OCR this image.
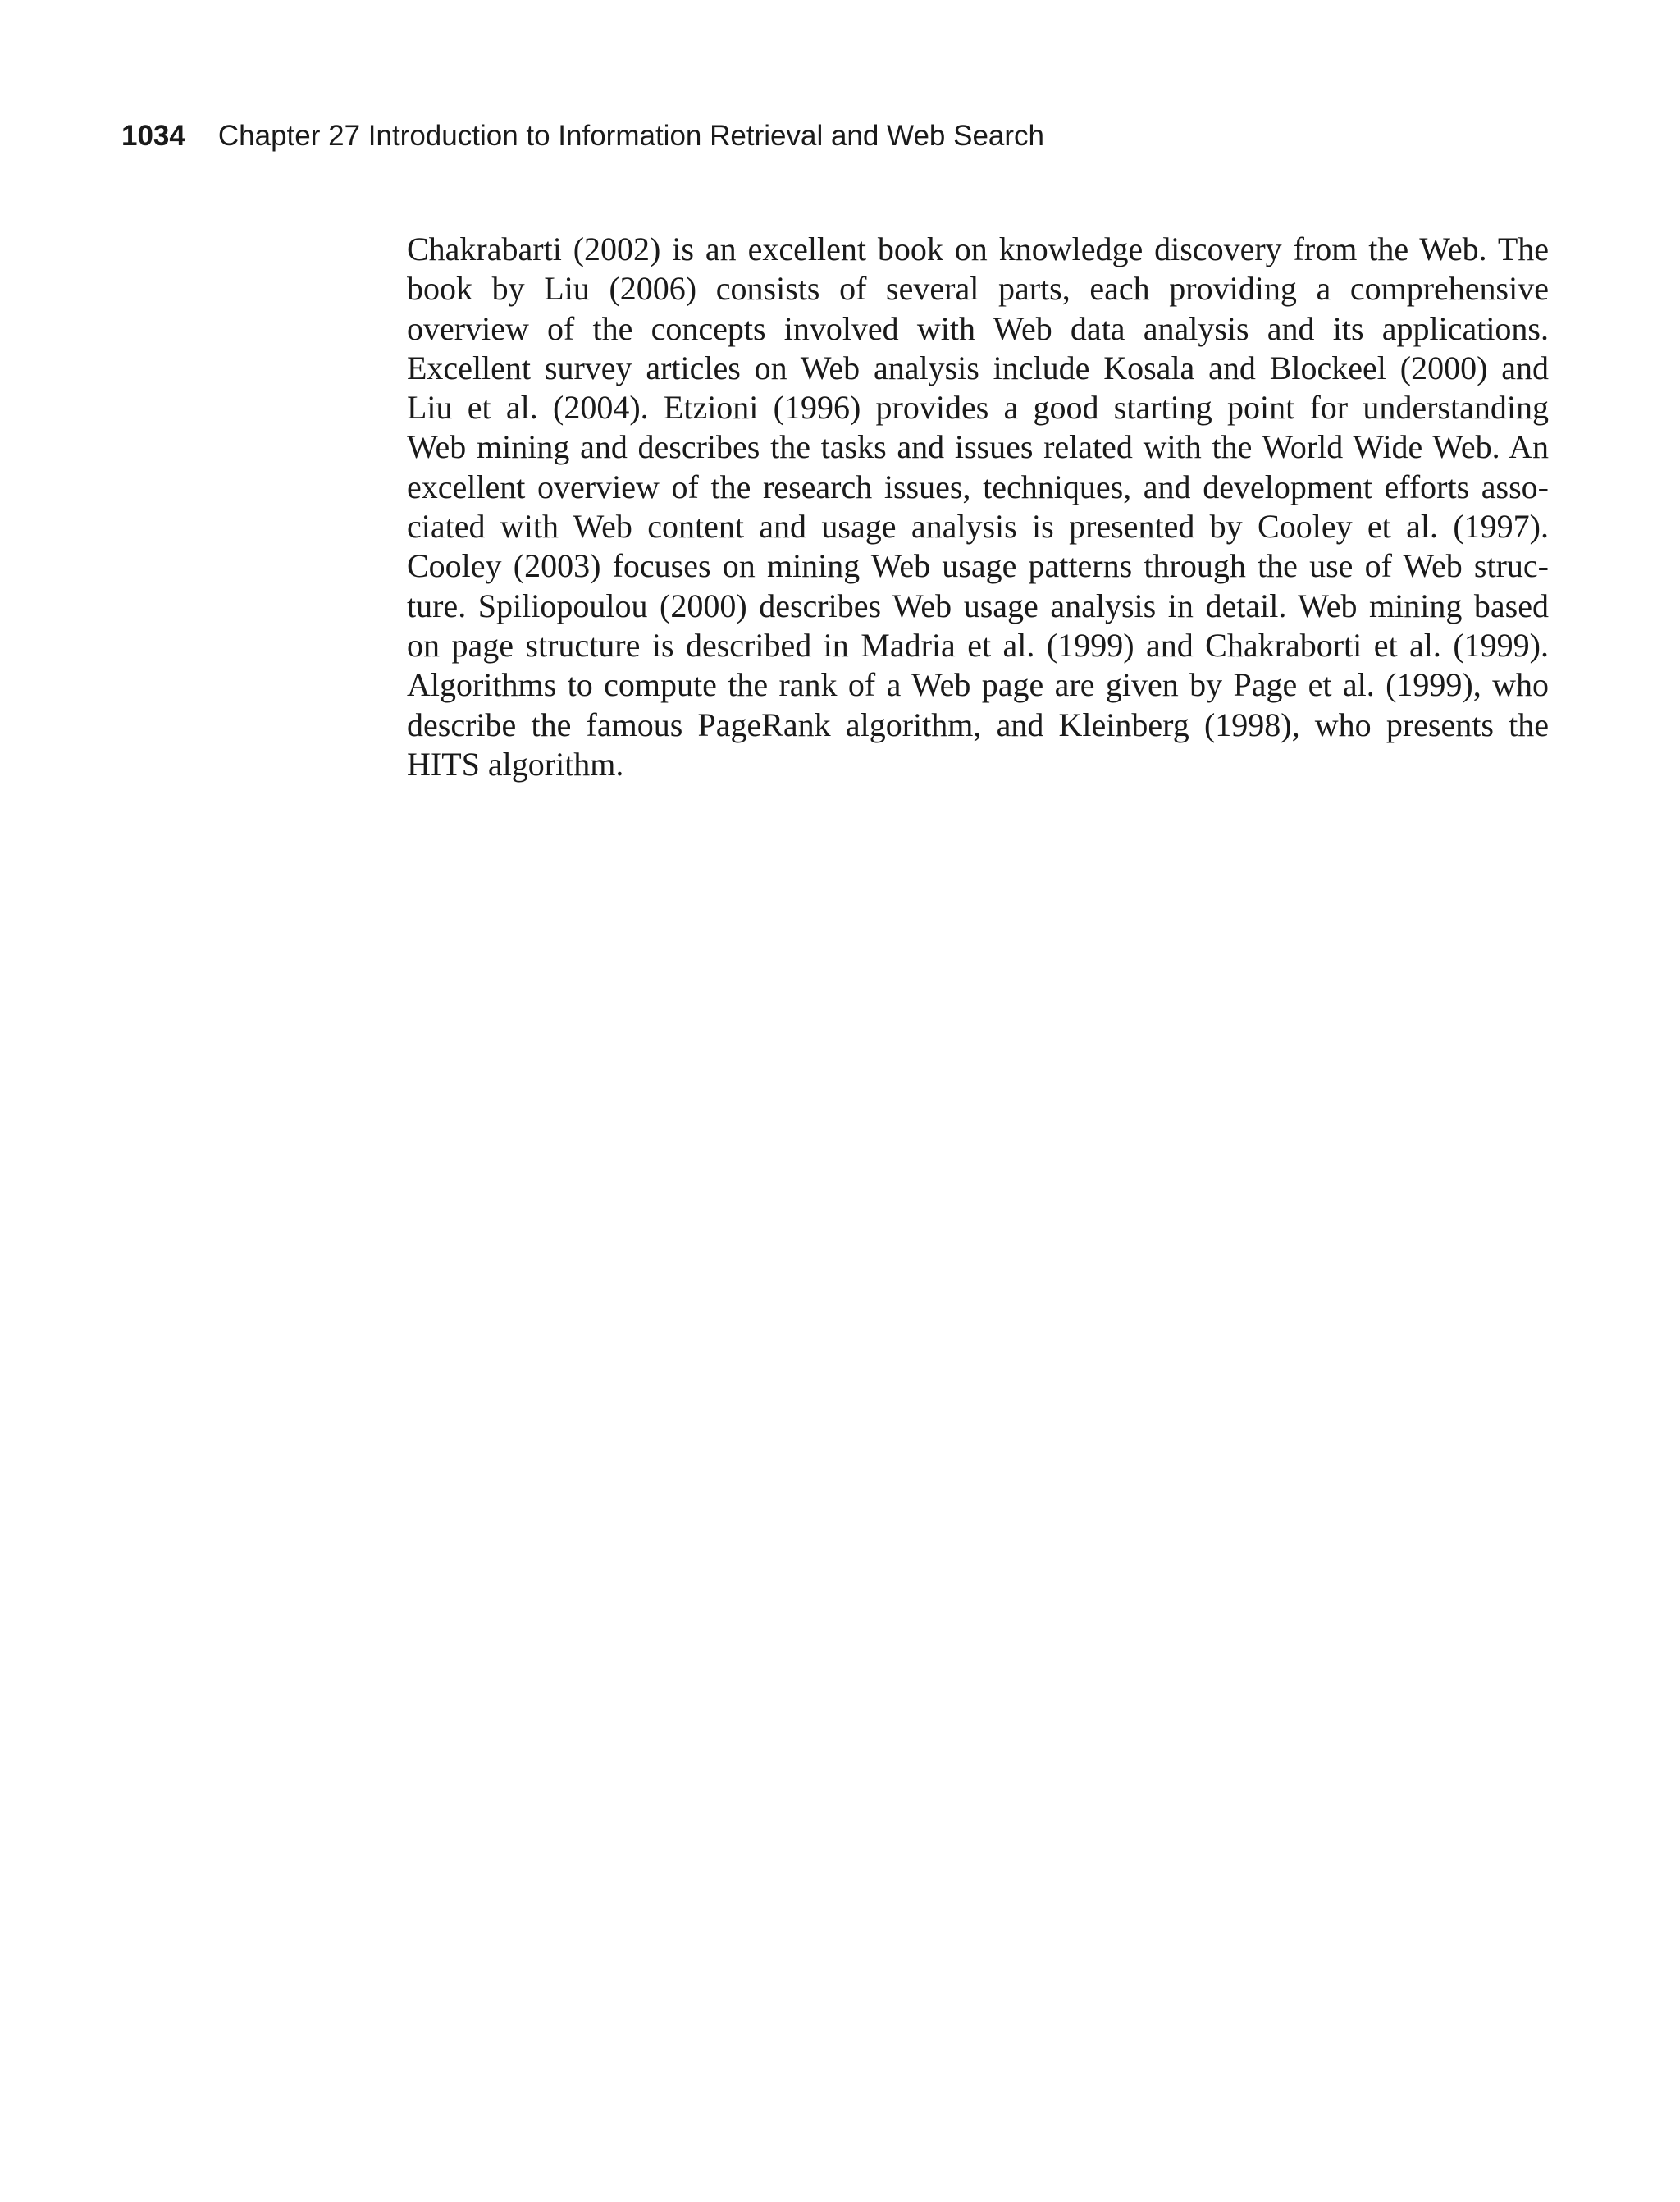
1034 Chapter 27 Introduction to Information Retrieval and Web Search
Chakrabarti (2002) is an excellent book on knowledge discovery from the Web. The
book by Liu (2006) consists of several parts, each providing a comprehensive
overview of the concepts involved with Web data analysis and its applications.
Excellent survey articles on Web analysis include Kosala and Blockeel (2000) and
Liu et al. (2004). Etzioni (1996) provides a good starting point for understanding
Web mining and describes the tasks and issues related with the World Wide Web. An
excellent overview of the research issues, techniques, and development efforts asso-
ciated with Web content and usage analysis is presented by Cooley et al. (1997).
Cooley (2003) focuses on mining Web usage patterns through the use of Web struc-
ture. Spiliopoulou (2000) describes Web usage analysis in detail. Web mining based
on page structure is described in Madria et al. (1999) and Chakraborti et al. (1999).
Algorithms to compute the rank of a Web page are given by Page et al. (1999), who
describe the famous PageRank algorithm, and Kleinberg (1998), who presents the
HITS algorithm.
